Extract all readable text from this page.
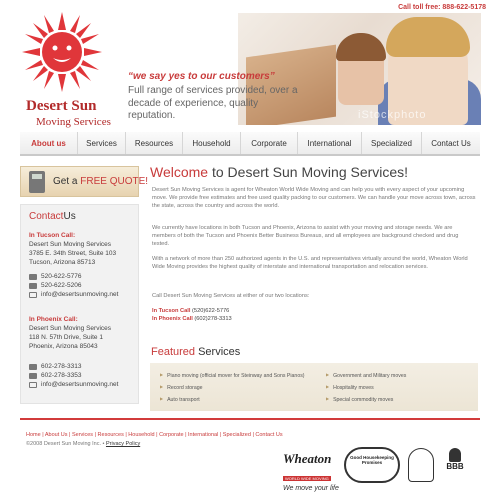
Desert Sun
Moving Services
Call toll free: 888-622-5178
iStockphoto
“we say yes to our customers”
Full range of services provided, over a decade of experience, quality reputation.
About us	Services	Resources	Household	Corporate	International	Specialized	Contact Us
Get a FREE QUOTE!
ContactUs
In Tucson Call:
Desert Sun Moving Services
3785 E. 34th Street, Suite 103
Tucson, Arizona 85713
520-622-5776
520-622-5206
info@desertsunmoving.net
In Phoenix Call:
Desert Sun Moving Services
118 N. 57th Drive, Suite 1
Phoenix, Arizona 85043
602-278-3313
602-278-3353
info@desertsunmoving.net
Welcome to Desert Sun Moving Services!
Desert Sun Moving Services is agent for Wheaton World Wide Moving and can help you with every aspect of your upcoming move. We provide free estimates and free used quality packing to our customers. We can handle your move across town, across the state, across the country and across the world.
We currently have locations in both Tucson and Phoenix, Arizona to assist with your moving and storage needs. We are members of both the Tucson and Phoenix Better Business Bureaus, and all employees are background checked and drug tested.
With a network of more than 250 authorized agents in the U.S. and representatives virtually around the world, Wheaton World Wide Moving provides the highest quality of interstate and international transportation and relocation services.
Call Desert Sun Moving Services at either of our two locations:
In Tucson Call (520)622-5776
In Phoenix Call (602)278-3313
Featured Services
▶ Piano moving (official mover for Steinway and Sons Pianos)
▶ Record storage
▶ Auto transport
▶ Government and Military moves
▶ Hospitality moves
▶ Special commodity moves
Home | About Us | Services | Resources | Household | Corporate | International | Specialized | Contact Us
©2008 Desert Sun Moving Inc. • Privacy Policy
Wheaton
WORLD WIDE MOVING
We move your life
Good Housekeeping Promises	BBB
